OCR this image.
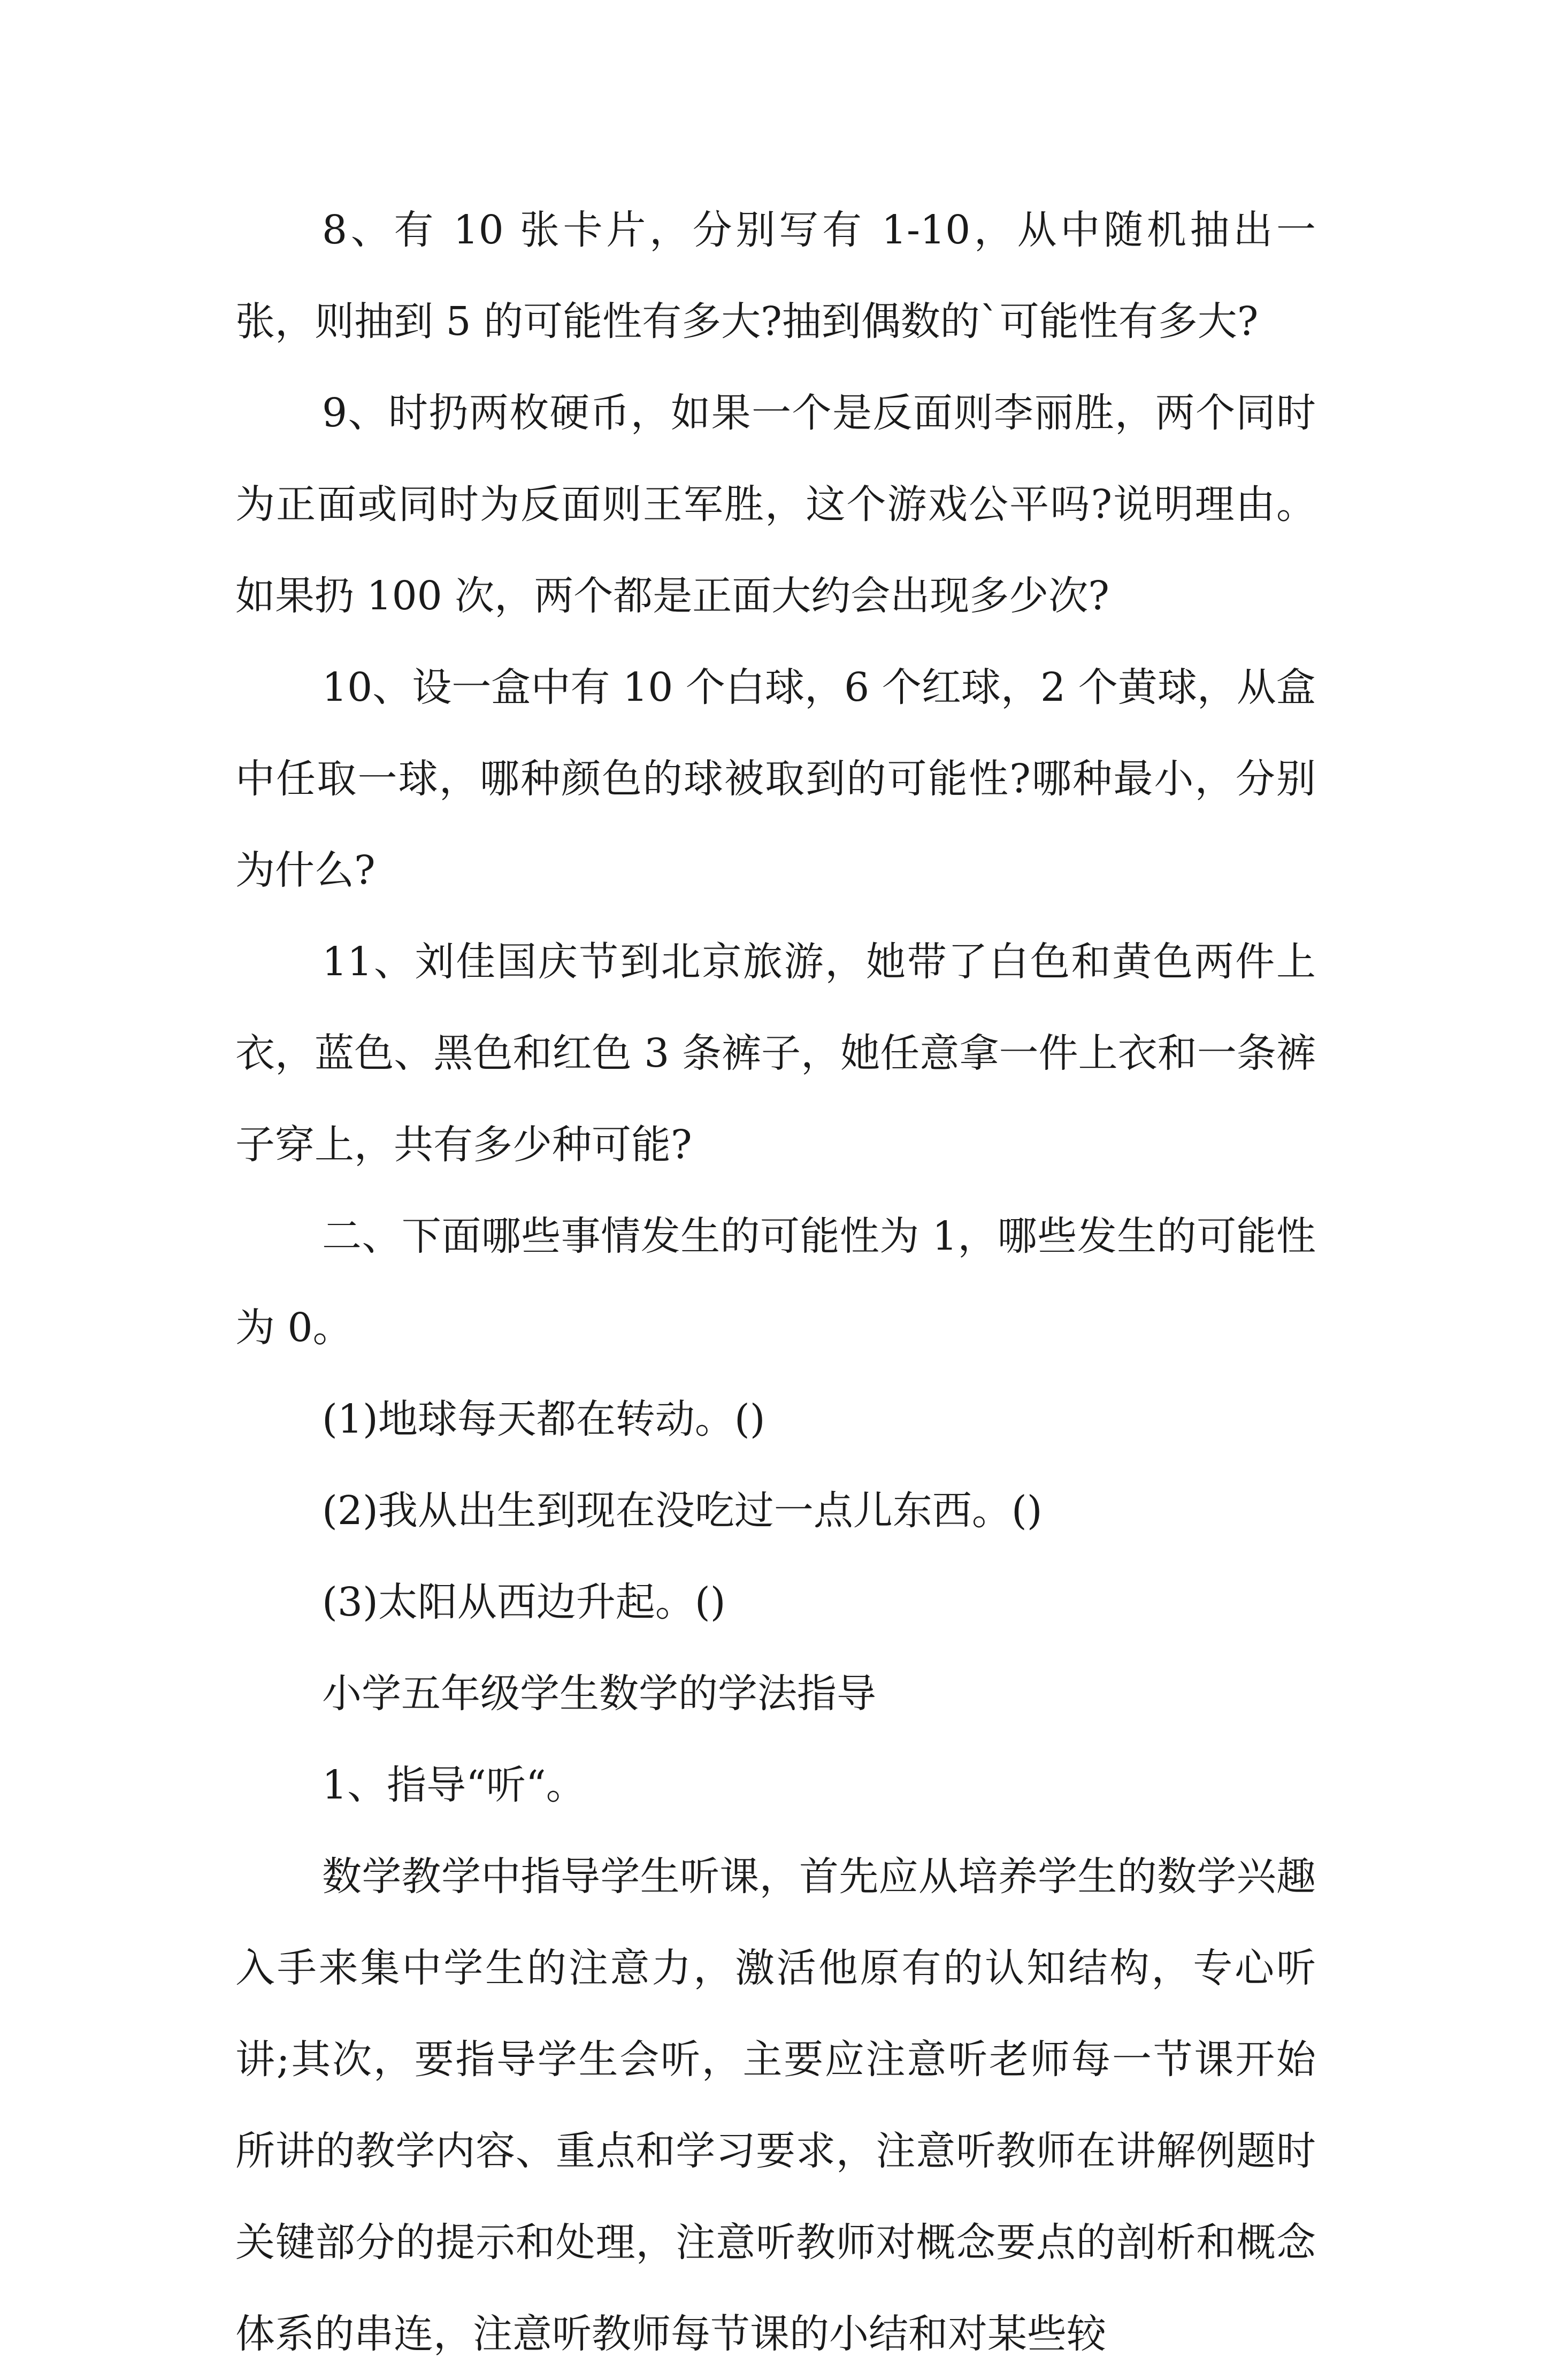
8、有 10 张卡片，分别写有 1-10，从中随机抽出一张，则抽到 5 的可能性有多大?抽到偶数的`可能性有多大?

9、时扔两枚硬币，如果一个是反面则李丽胜，两个同时为正面或同时为反面则王军胜，这个游戏公平吗?说明理由。如果扔 100 次，两个都是正面大约会出现多少次?

10、设一盒中有 10 个白球，6 个红球，2 个黄球，从盒中任取一球，哪种颜色的球被取到的可能性?哪种最小，分别为什么?

11、刘佳国庆节到北京旅游，她带了白色和黄色两件上衣，蓝色、黑色和红色 3 条裤子，她任意拿一件上衣和一条裤子穿上，共有多少种可能?

二、下面哪些事情发生的可能性为 1，哪些发生的可能性为 0。

(1)地球每天都在转动。()

(2)我从出生到现在没吃过一点儿东西。()

(3)太阳从西边升起。()

小学五年级学生数学的学法指导

1、指导“听“。

数学教学中指导学生听课，首先应从培养学生的数学兴趣入手来集中学生的注意力，激活他原有的认知结构，专心听讲;其次，要指导学生会听，主要应注意听老师每一节课开始所讲的教学内容、重点和学习要求，注意听教师在讲解例题时关键部分的提示和处理，注意听教师对概念要点的剖析和概念体系的串连，注意听教师每节课的小结和对某些较
